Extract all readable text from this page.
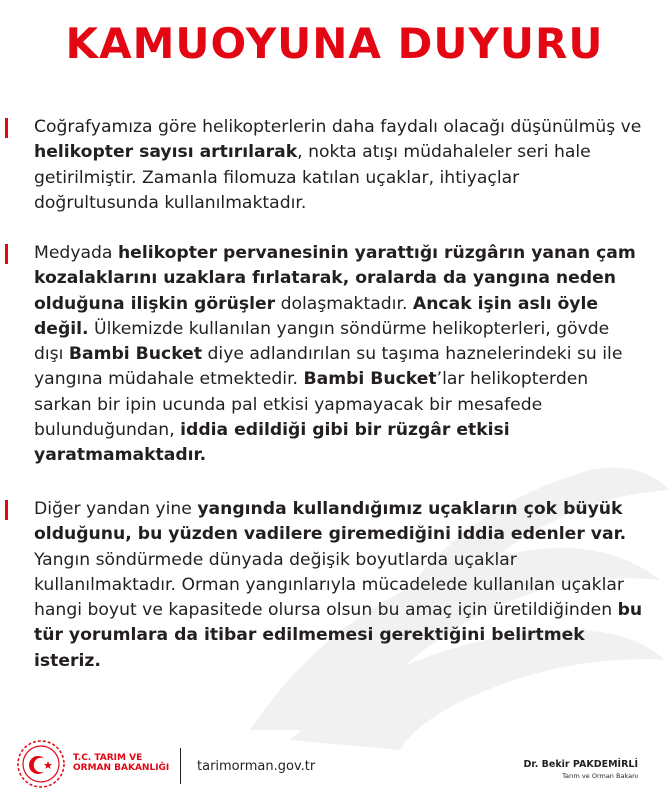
KAMUOYUNA DUYURU

Coğrafyamıza göre helikopterlerin daha faydalı olacağı düşünülmüş ve helikopter sayısı artırılarak, nokta atışı müdahaleler seri hale getirilmiştir. Zamanla filomuza katılan uçaklar, ihtiyaçlar doğrultusunda kullanılmaktadır.

Medyada helikopter pervanesinin yarattığı rüzgârın yanan çam kozalaklarını uzaklara fırlatarak, oralarda da yangına neden olduğuna ilişkin görüşler dolaşmaktadır. Ancak işin aslı öyle değil. Ülkemizde kullanılan yangın söndürme helikopterleri, gövde dışı Bambi Bucket diye adlandırılan su taşıma haznelerindeki su ile yangına müdahale etmektedir. Bambi Bucket’lar helikopterden sarkan bir ipin ucunda pal etkisi yapmayacak bir mesafede bulunduğundan, iddia edildiği gibi bir rüzgâr etkisi yaratmamaktadır.

Diğer yandan yine yangında kullandığımız uçakların çok büyük olduğunu, bu yüzden vadilere giremediğini iddia edenler var. Yangın söndürmede dünyada değişik boyutlarda uçaklar kullanılmaktadır. Orman yangınlarıyla mücadelede kullanılan uçaklar hangi boyut ve kapasitede olursa olsun bu amaç için üretildiğinden bu tür yorumlara da itibar edilmemesi gerektiğini belirtmek isteriz.

T.C. TARIM VE
ORMAN BAKANLIĞI tarimorman.gov.tr	Dr. Bekir PAKDEMİRLİ
Tarım ve Orman Bakanı
